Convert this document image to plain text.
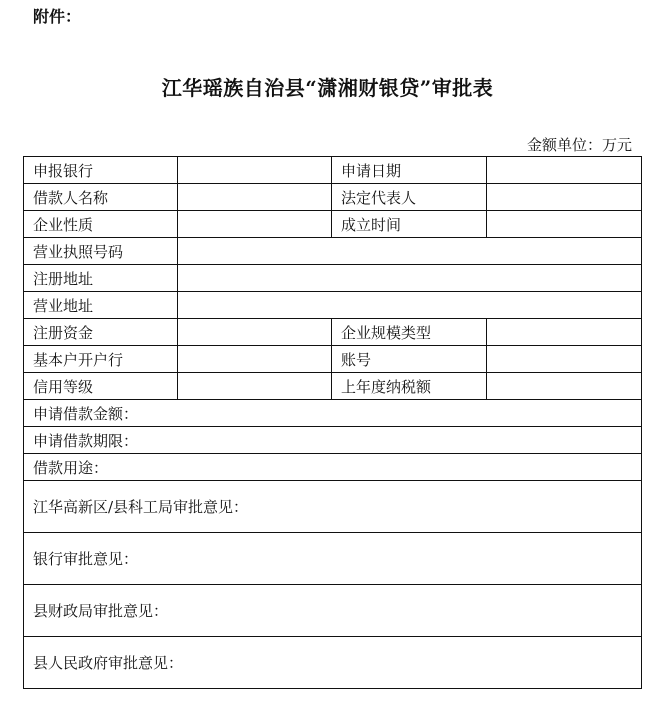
附件：
江华瑶族自治县“潇湘财银贷”审批表
金额单位：万元
申报银行		申请日期	
借款人名称		法定代表人	
企业性质		成立时间	
营业执照号码			
注册地址			
营业地址			
注册资金		企业规模类型	
基本户开户行		账号	
信用等级		上年度纳税额	
申请借款金额：			
申请借款期限：			
借款用途：			
江华高新区/县科工局审批意见：			
银行审批意见：			
县财政局审批意见：			
县人民政府审批意见：			
